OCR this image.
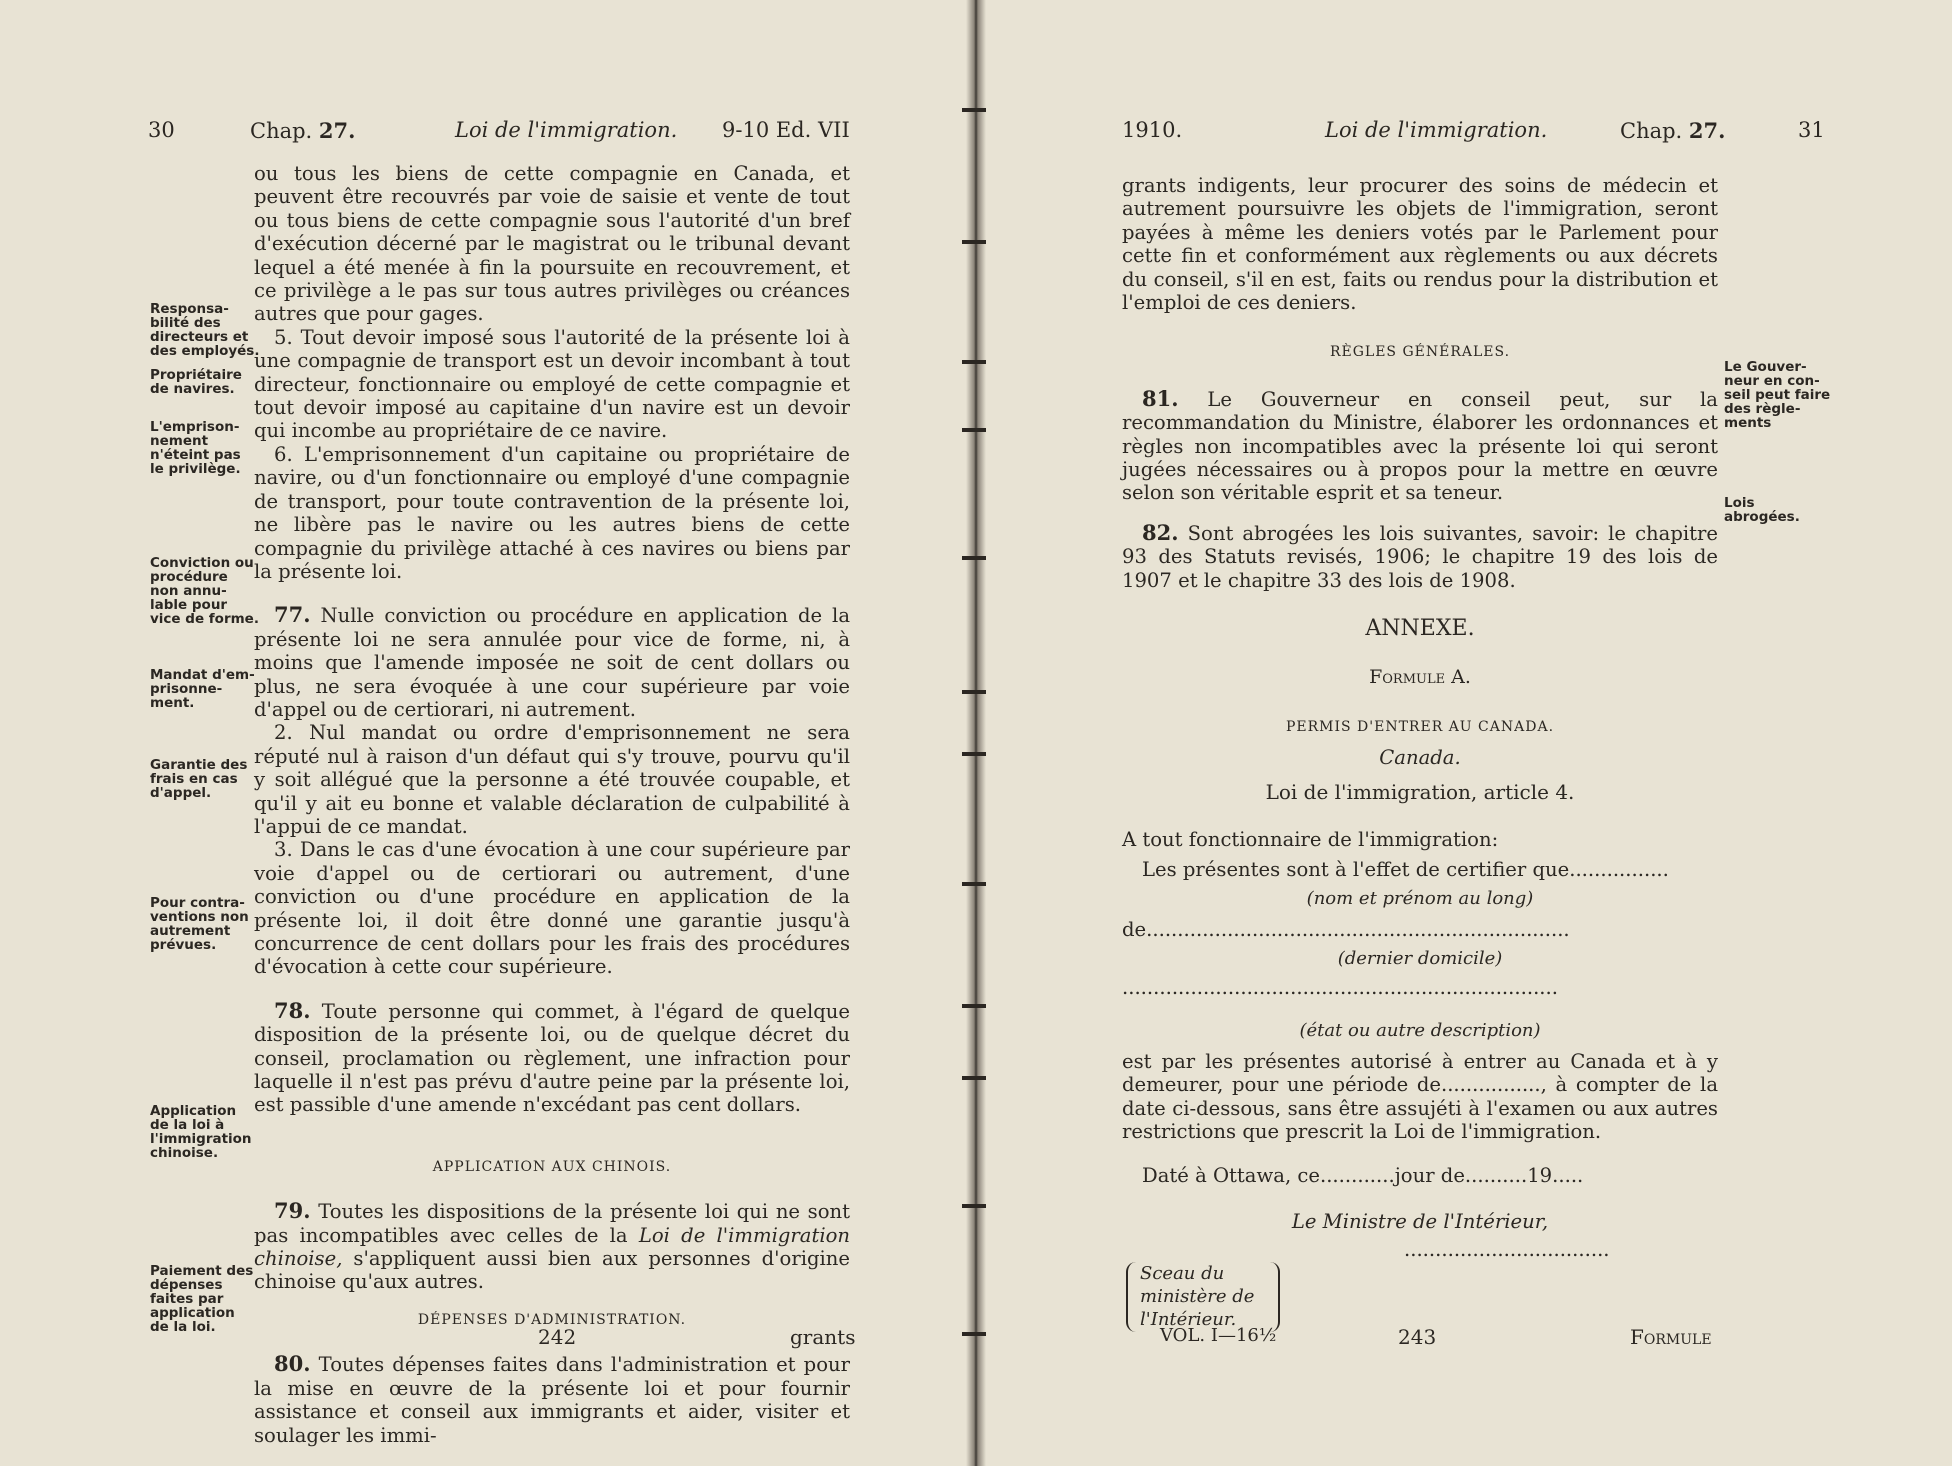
30	Chap. 27.	Loi de l'immigration. 9-10 Ed. VII

ou tous les biens de cette compagnie en Canada, et peuvent être recouvrés par voie de saisie et vente de tout ou tous biens de cette compagnie sous l'autorité d'un bref d'exécution décerné par le magistrat ou le tribunal devant lequel a été menée à fin la poursuite en recouvrement, et ce privilège a le pas sur tous autres privilèges ou créances autres que pour gages.

5. Tout devoir imposé sous l'autorité de la présente loi à une compagnie de transport est un devoir incombant à tout directeur, fonctionnaire ou employé de cette compagnie et tout devoir imposé au capitaine d'un navire est un devoir qui incombe au propriétaire de ce navire.

6. L'emprisonnement d'un capitaine ou propriétaire de navire, ou d'un fonctionnaire ou employé d'une compagnie de transport, pour toute contravention de la présente loi, ne libère pas le navire ou les autres biens de cette compagnie du privilège attaché à ces navires ou biens par la présente loi.

77. Nulle conviction ou procédure en application de la présente loi ne sera annulée pour vice de forme, ni, à moins que l'amende imposée ne soit de cent dollars ou plus, ne sera évoquée à une cour supérieure par voie d'appel ou de certiorari, ni autrement.

2. Nul mandat ou ordre d'emprisonnement ne sera réputé nul à raison d'un défaut qui s'y trouve, pourvu qu'il y soit allégué que la personne a été trouvée coupable, et qu'il y ait eu bonne et valable déclaration de culpabilité à l'appui de ce mandat.

3. Dans le cas d'une évocation à une cour supérieure par voie d'appel ou de certiorari ou autrement, d'une conviction ou d'une procédure en application de la présente loi, il doit être donné une garantie jusqu'à concurrence de cent dollars pour les frais des procédures d'évocation à cette cour supérieure.

78. Toute personne qui commet, à l'égard de quelque disposition de la présente loi, ou de quelque décret du conseil, proclamation ou règlement, une infraction pour laquelle il n'est pas prévu d'autre peine par la présente loi, est passible d'une amende n'excédant pas cent dollars.

APPLICATION AUX CHINOIS.

79. Toutes les dispositions de la présente loi qui ne sont pas incompatibles avec celles de la Loi de l'immigration chinoise, s'appliquent aussi bien aux personnes d'origine chinoise qu'aux autres.

DÉPENSES D'ADMINISTRATION.

80. Toutes dépenses faites dans l'administration et pour la mise en œuvre de la présente loi et pour fournir assistance et conseil aux immigrants et aider, visiter et soulager les immi-

Responsa-
bilité des
directeurs et
des employés.
Propriétaire
de navires.
L'emprison-
nement
n'éteint pas
le privilège.
Conviction ou
procédure
non annu-
lable pour
vice de forme.
Mandat d'em-
prisonne-
ment.
Garantie des
frais en cas
d'appel.
Pour contra-
ventions non
autrement
prévues.
Application
de la loi à
l'immigration
chinoise.
Paiement des
dépenses
faites par
application
de la loi.	242	grants
1910.	Loi de l'immigration.	Chap. 27.	31

grants indigents, leur procurer des soins de médecin et autrement poursuivre les objets de l'immigration, seront payées à même les deniers votés par le Parlement pour cette fin et conformément aux règlements ou aux décrets du conseil, s'il en est, faits ou rendus pour la distribution et l'emploi de ces deniers.

RÈGLES GÉNÉRALES.

81. Le Gouverneur en conseil peut, sur la recommandation du Ministre, élaborer les ordonnances et règles non incompatibles avec la présente loi qui seront jugées nécessaires ou à propos pour la mettre en œuvre selon son véritable esprit et sa teneur.

82. Sont abrogées les lois suivantes, savoir: le chapitre 93 des Statuts revisés, 1906; le chapitre 19 des lois de 1907 et le chapitre 33 des lois de 1908.

Le Gouver-
neur en con-
seil peut faire
des règle-
ments
Lois
abrogées.
ANNEXE.
Formule A.
PERMIS D'ENTRER AU CANADA.
Canada.
Loi de l'immigration, article 4.
A tout fonctionnaire de l'immigration:
Les présentes sont à l'effet de certifier que................
(nom et prénom au long)
de....................................................................
(dernier domicile)
......................................................................
(état ou autre description)

est par les présentes autorisé à entrer au Canada et à y demeurer, pour une période de................, à compter de la date ci-dessous, sans être assujéti à l'examen ou aux autres restrictions que prescrit la Loi de l'immigration.

Daté à Ottawa, ce............jour de..........19.....
Le Ministre de l'Intérieur,
.................................
Sceau du
ministère de
l'Intérieur.
VOL. I—16½	243	Formule
